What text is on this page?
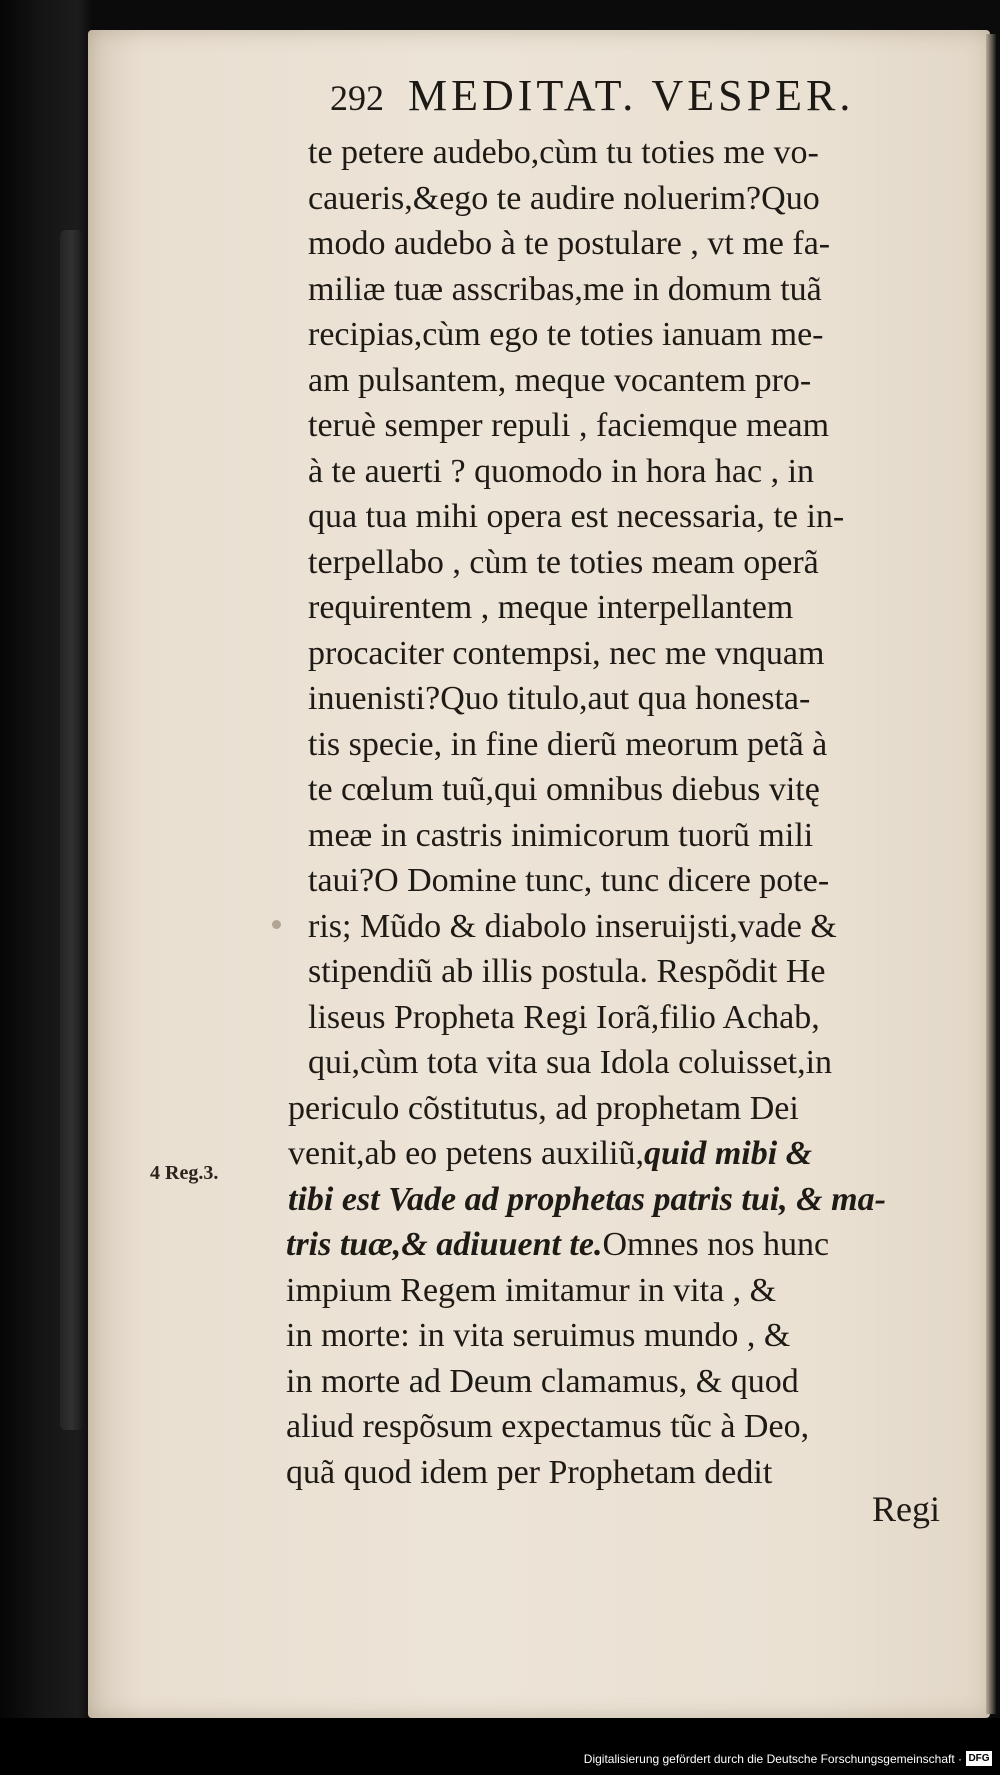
292 MEDITAT. VESPER.
te petere audebo,cùm tu toties me vo-
caueris,&ego te audire noluerim?Quo
modo audebo à te postulare , vt me fa-
miliæ tuæ asscribas,me in domum tuã
recipias,cùm ego te toties ianuam me-
am pulsantem, meque vocantem pro-
teruè semper repuli , faciemque meam
à te auerti ? quomodo in hora hac , in
qua tua mihi opera est necessaria, te in-
terpellabo , cùm te toties meam operã
requirentem , meque interpellantem
procaciter contempsi, nec me vnquam
inuenisti?Quo titulo,aut qua honesta-
tis specie, in fine dierũ meorum petã à
te cœlum tuũ,qui omnibus diebus vitę
meæ in castris inimicorum tuorũ mili
taui?O Domine tunc, tunc dicere pote-
ris; Mũdo & diabolo inseruijsti,vade &
stipendiũ ab illis postula. Respõdit He
liseus Propheta Regi Iorã,filio Achab,
qui,cùm tota vita sua Idola coluisset,in
periculo cõstitutus, ad prophetam Dei
venit,ab eo petens auxiliũ,quid mibi &
tibi est Vade ad prophetas patris tui, & ma-
tris tuæ,& adiuuent te.Omnes nos hunc
impium Regem imitamur in vita , &
in morte: in vita seruimus mundo , &
in morte ad Deum clamamus, & quod
aliud respõsum expectamus tũc à Deo,
quã quod idem per Prophetam dedit
4 Reg.3.
Regi
Digitalisierung gefördert durch die Deutsche Forschungsgemeinschaft · DFG
